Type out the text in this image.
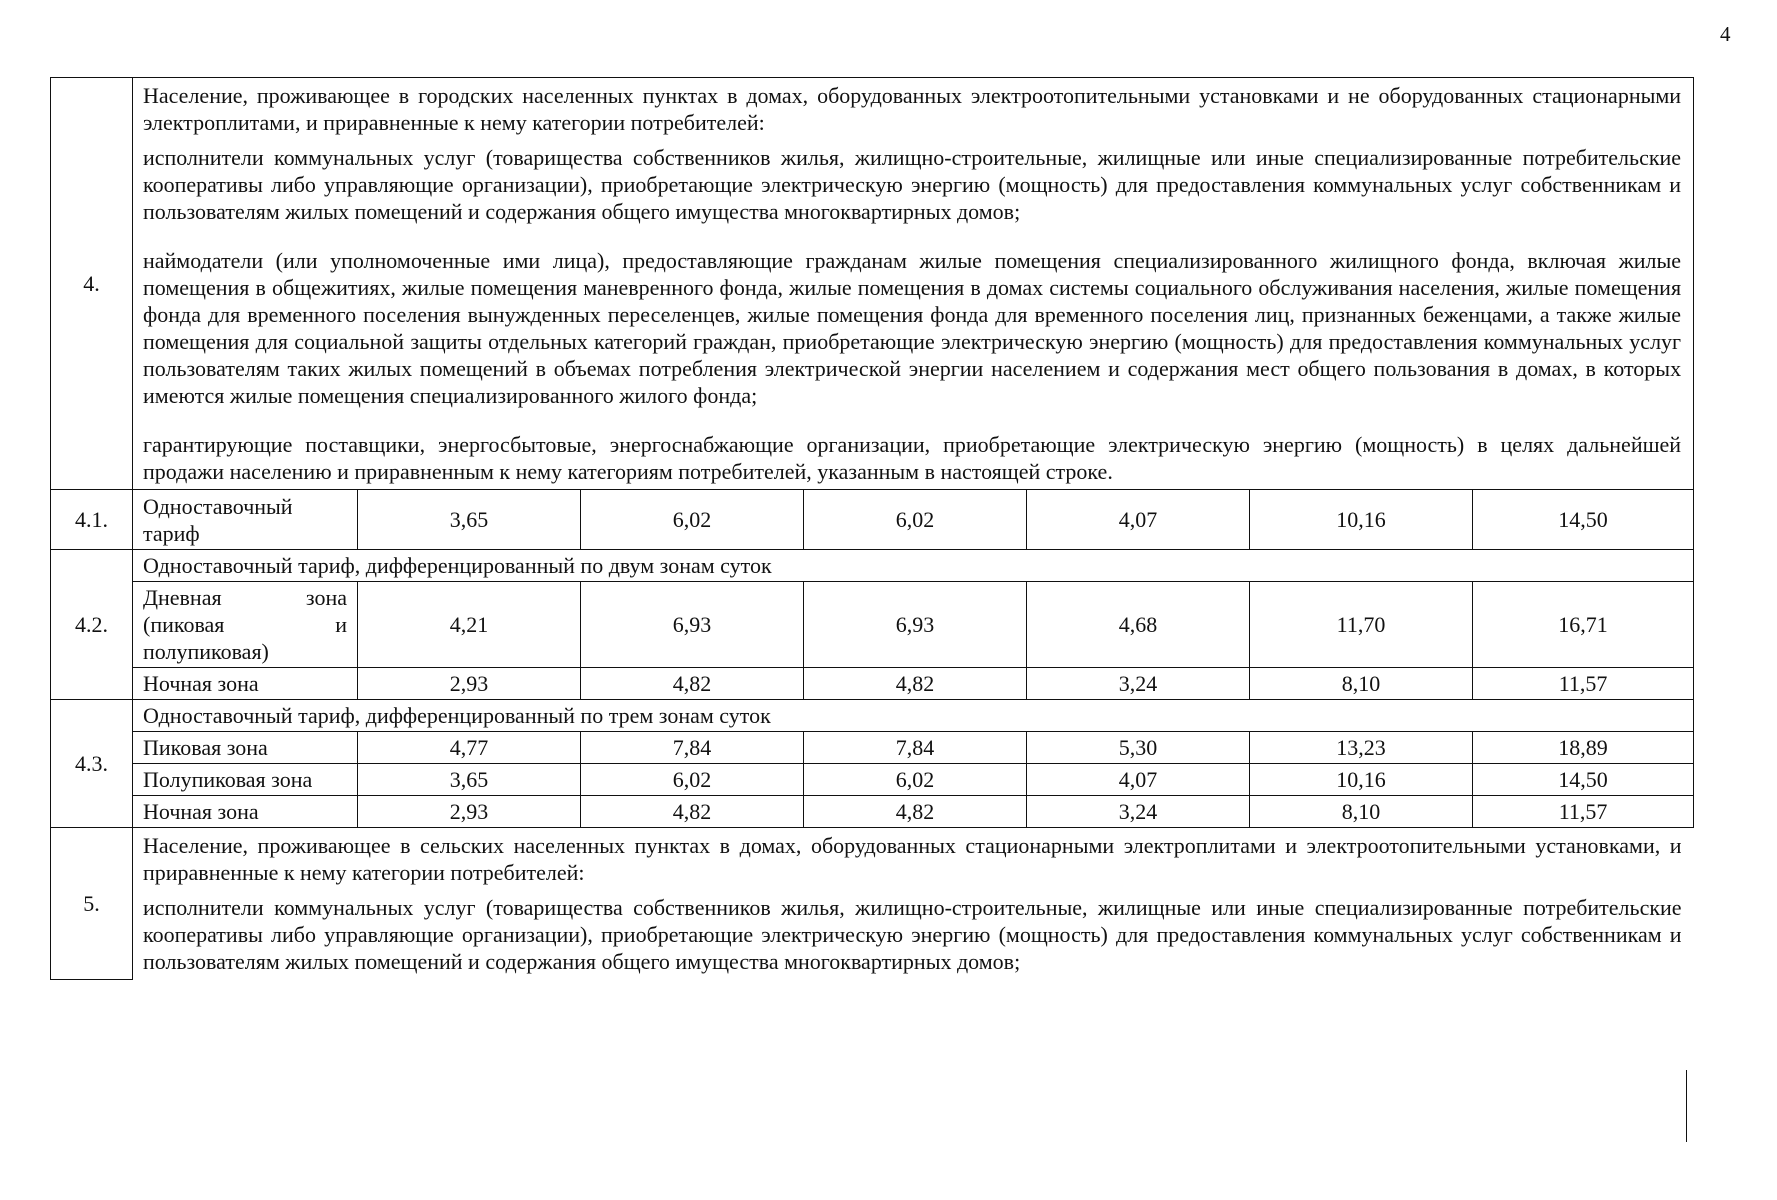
4
4.	Население, проживающее в городских населенных пунктах в домах, оборудованных электроотопительными установками и не оборудованных стационарными электроплитами, и приравненные к нему категории потребителей:

исполнители коммунальных услуг (товарищества собственников жилья, жилищно-строительные, жилищные или иные специализированные потребительские кооперативы либо управляющие организации), приобретающие электрическую энергию (мощность) для предоставления коммунальных услуг собственникам и пользователям жилых помещений и содержания общего имущества многоквартирных домов;

наймодатели (или уполномоченные ими лица), предоставляющие гражданам жилые помещения специализированного жилищного фонда, включая жилые помещения в общежитиях, жилые помещения маневренного фонда, жилые помещения в домах системы социального обслуживания населения, жилые помещения фонда для временного поселения вынужденных переселенцев, жилые помещения фонда для временного поселения лиц, признанных беженцами, а также жилые помещения для социальной защиты отдельных категорий граждан, приобретающие электрическую энергию (мощность) для предоставления коммунальных услуг пользователям таких жилых помещений в объемах потребления электрической энергии населением и содержания мест общего пользования в домах, в которых имеются жилые помещения специализированного жилого фонда;

гарантирующие поставщики, энергосбытовые, энергоснабжающие организации, приобретающие электрическую энергию (мощность) в целях дальнейшей продажи населению и приравненным к нему категориям потребителей, указанным в настоящей строке.						

4.1.	Одноставочный тариф	3,65	6,02	6,02	4,07	10,16	14,50
4.2.	Одноставочный тариф, дифференцированный по двум зонам суток						
	Дневная зона (пиковая и полупиковая)	4,21	6,93	6,93	4,68	11,70	16,71
	Ночная зона	2,93	4,82	4,82	3,24	8,10	11,57
4.3.	Одноставочный тариф, дифференцированный по трем зонам суток						
	Пиковая зона	4,77	7,84	7,84	5,30	13,23	18,89
	Полупиковая зона	3,65	6,02	6,02	4,07	10,16	14,50
	Ночная зона	2,93	4,82	4,82	3,24	8,10	11,57
5.	Население, проживающее в сельских населенных пунктах в домах, оборудованных стационарными электроплитами и электроотопительными установками, и приравненные к нему категории потребителей:

исполнители коммунальных услуг (товарищества собственников жилья, жилищно-строительные, жилищные или иные специализированные потребительские кооперативы либо управляющие организации), приобретающие электрическую энергию (мощность) для предоставления коммунальных услуг собственникам и пользователям жилых помещений и содержания общего имущества многоквартирных домов;						
